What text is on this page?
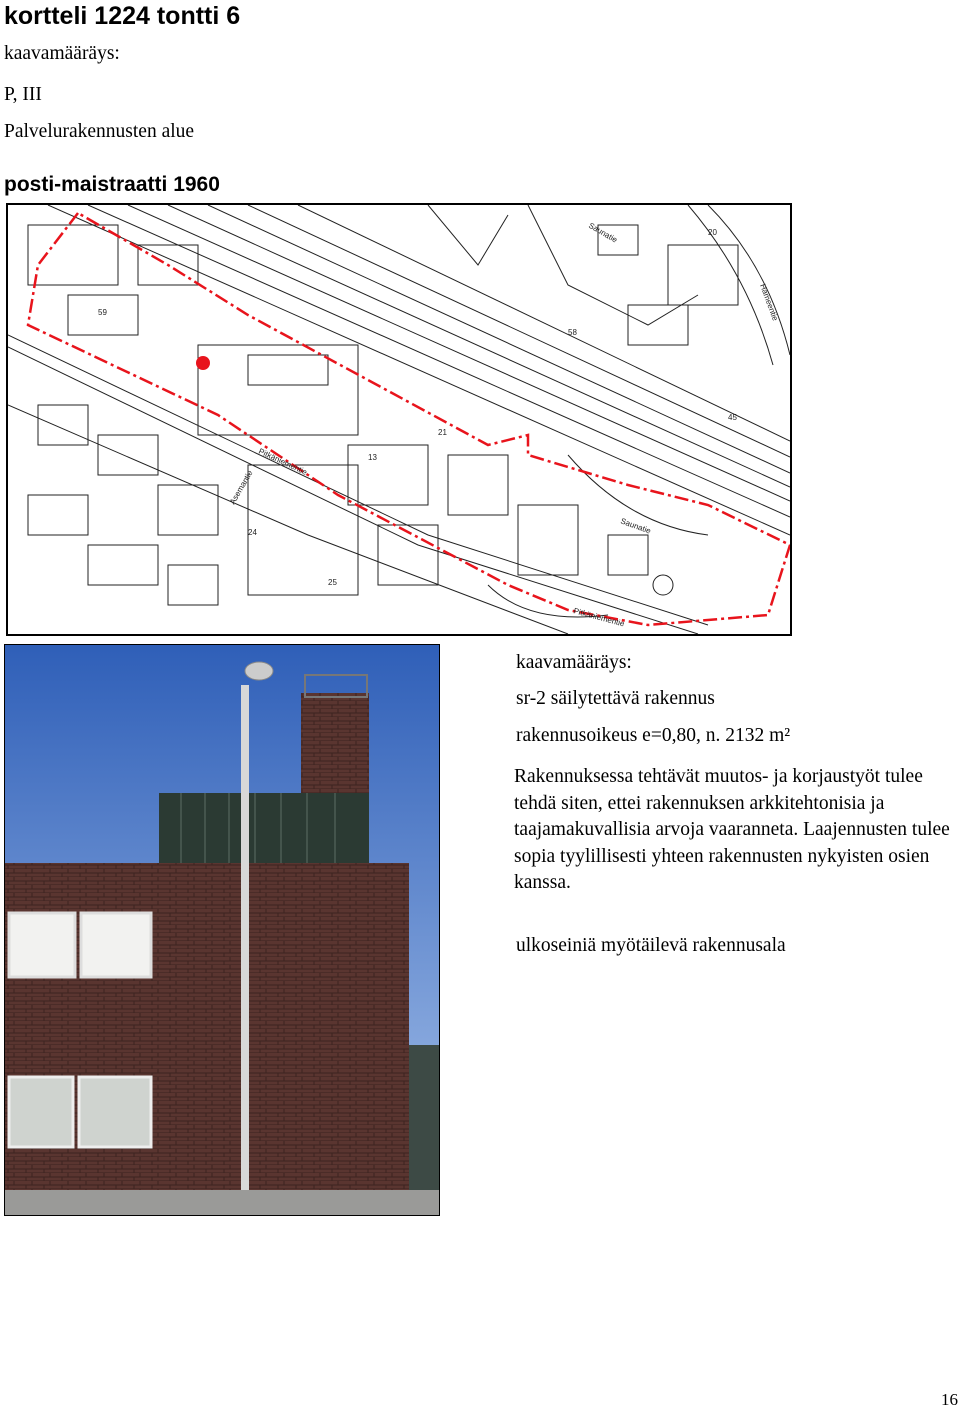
kortteli 1224 tontti 6
kaavamääräys:
P, III
Palvelurakennusten alue
posti-maistraatti 1960
Pitkäniementie
Saunatie
Hämeentie
Pitkäniementie
Asemantie
Saunatie
58
59
20
13
25
24
21
45
kaavamääräys:
sr-2 säilytettävä rakennus
rakennusoikeus e=0,80, n. 2132 m²
Rakennuksessa tehtävät muutos- ja korjaustyöt tulee tehdä siten, ettei rakennuksen arkkitehtonisia ja taajamakuvallisia arvoja vaaranneta. Laajennusten tulee sopia tyylillisesti yhteen rakennusten nykyisten osien kanssa.
ulkoseiniä myötäilevä rakennusala
16
